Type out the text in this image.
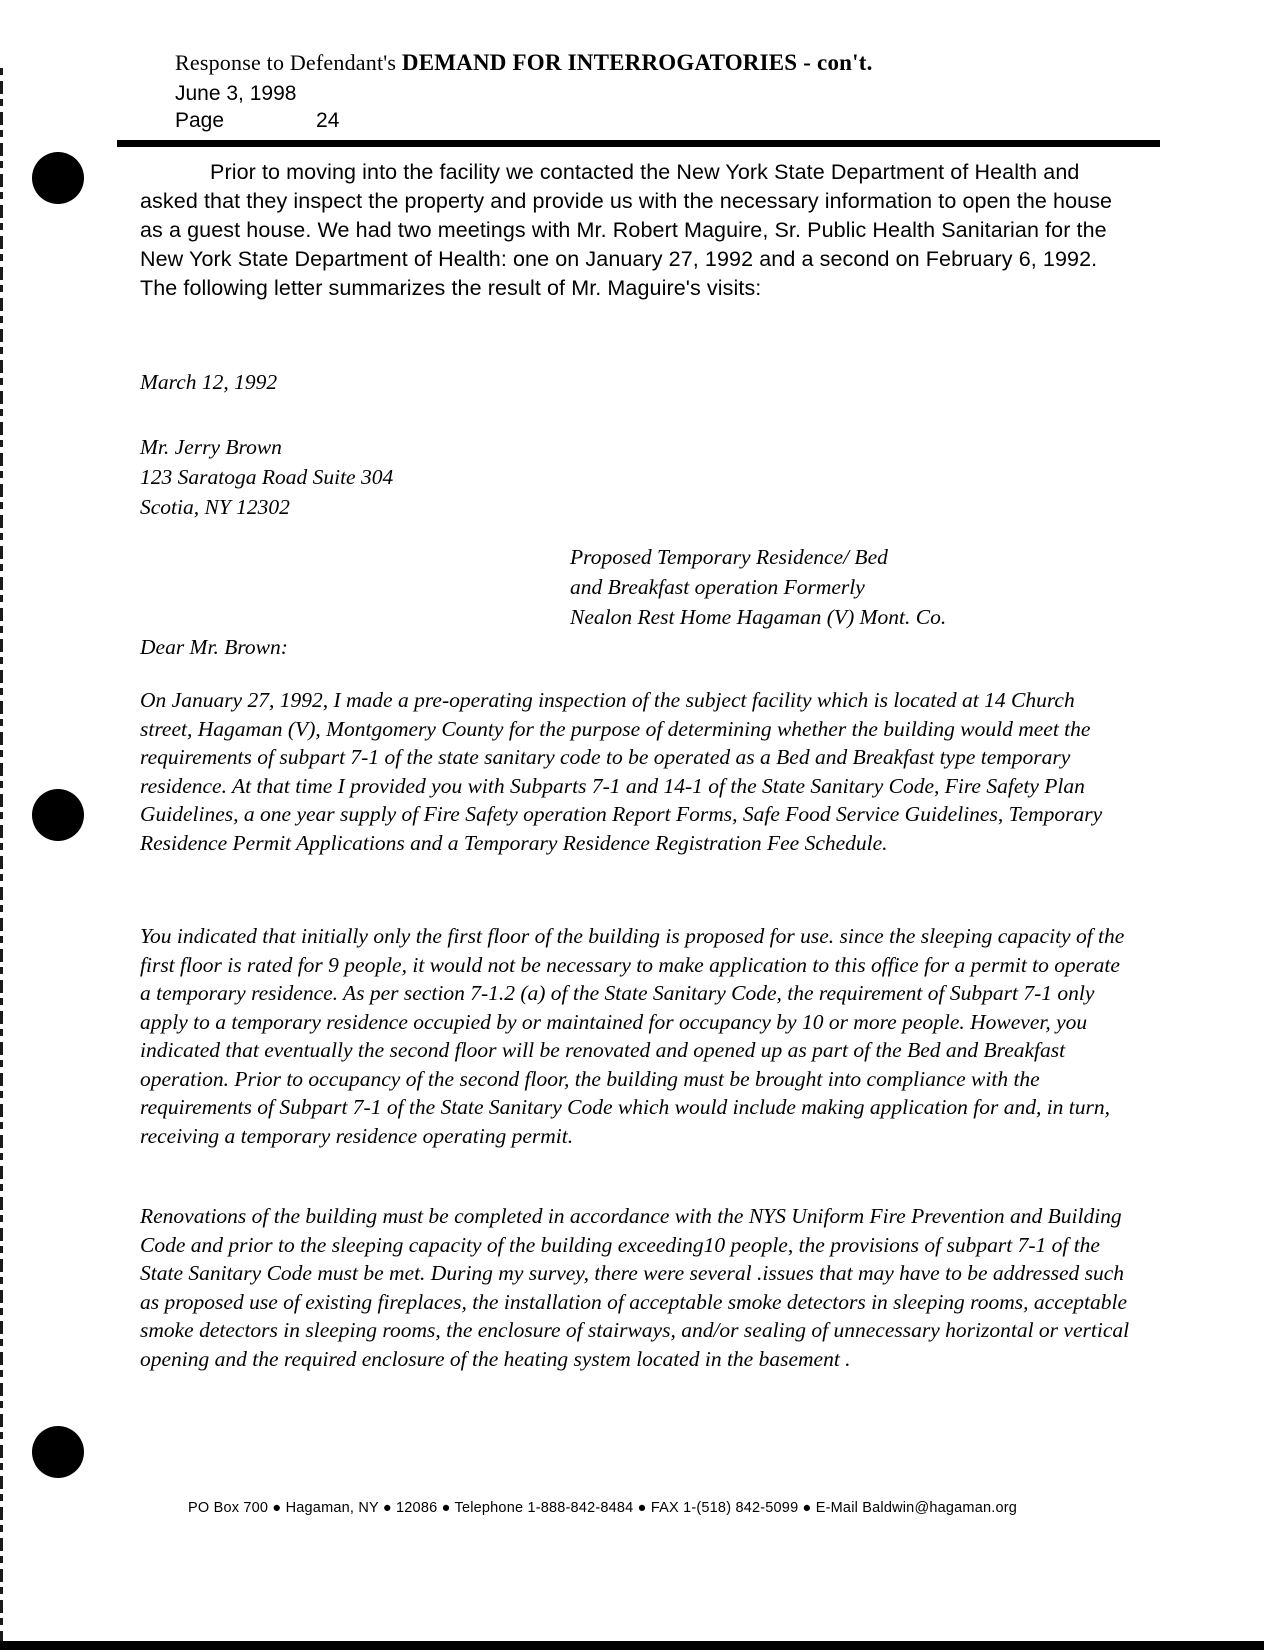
Response to Defendant's DEMAND FOR INTERROGATORIES - con't.
June 3, 1998
Page	24

Prior to moving into the facility we contacted the New York State Department of Health and asked that they inspect the property and provide us with the necessary information to open the house as a guest house. We had two meetings with Mr. Robert Maguire, Sr. Public Health Sanitarian for the New York State Department of Health: one on January 27, 1992 and a second on February 6, 1992. The following letter summarizes the result of Mr. Maguire's visits:

March 12, 1992

Mr. Jerry Brown
123 Saratoga Road Suite 304
Scotia, NY 12302
Proposed Temporary Residence/ Bed
and Breakfast operation Formerly
Nealon Rest Home Hagaman (V) Mont. Co.

Dear Mr. Brown:

On January 27, 1992, I made a pre-operating inspection of the subject facility which is located at 14 Church street, Hagaman (V), Montgomery County for the purpose of determining whether the building would meet the requirements of subpart 7-1 of the state sanitary code to be operated as a Bed and Breakfast type temporary residence. At that time I provided you with Subparts 7-1 and 14-1 of the State Sanitary Code, Fire Safety Plan Guidelines, a one year supply of Fire Safety operation Report Forms, Safe Food Service Guidelines, Temporary Residence Permit Applications and a Temporary Residence Registration Fee Schedule.

You indicated that initially only the first floor of the building is proposed for use. since the sleeping capacity of the first floor is rated for 9 people, it would not be necessary to make application to this office for a permit to operate a temporary residence. As per section 7-1.2 (a) of the State Sanitary Code, the requirement of Subpart 7-1 only apply to a temporary residence occupied by or maintained for occupancy by 10 or more people. However, you indicated that eventually the second floor will be renovated and opened up as part of the Bed and Breakfast operation. Prior to occupancy of the second floor, the building must be brought into compliance with the requirements of Subpart 7-1 of the State Sanitary Code which would include making application for and, in turn, receiving a temporary residence operating permit.

Renovations of the building must be completed in accordance with the NYS Uniform Fire Prevention and Building Code and prior to the sleeping capacity of the building exceeding10 people, the provisions of subpart 7-1 of the State Sanitary Code must be met. During my survey, there were several .issues that may have to be addressed such as proposed use of existing fireplaces, the installation of acceptable smoke detectors in sleeping rooms, acceptable smoke detectors in sleeping rooms, the enclosure of stairways, and/or sealing of unnecessary horizontal or vertical opening and the required enclosure of the heating system located in the basement .

PO Box 700 ● Hagaman, NY ● 12086 ● Telephone 1-888-842-8484 ● FAX 1-(518) 842-5099 ● E-Mail Baldwin@hagaman.org
